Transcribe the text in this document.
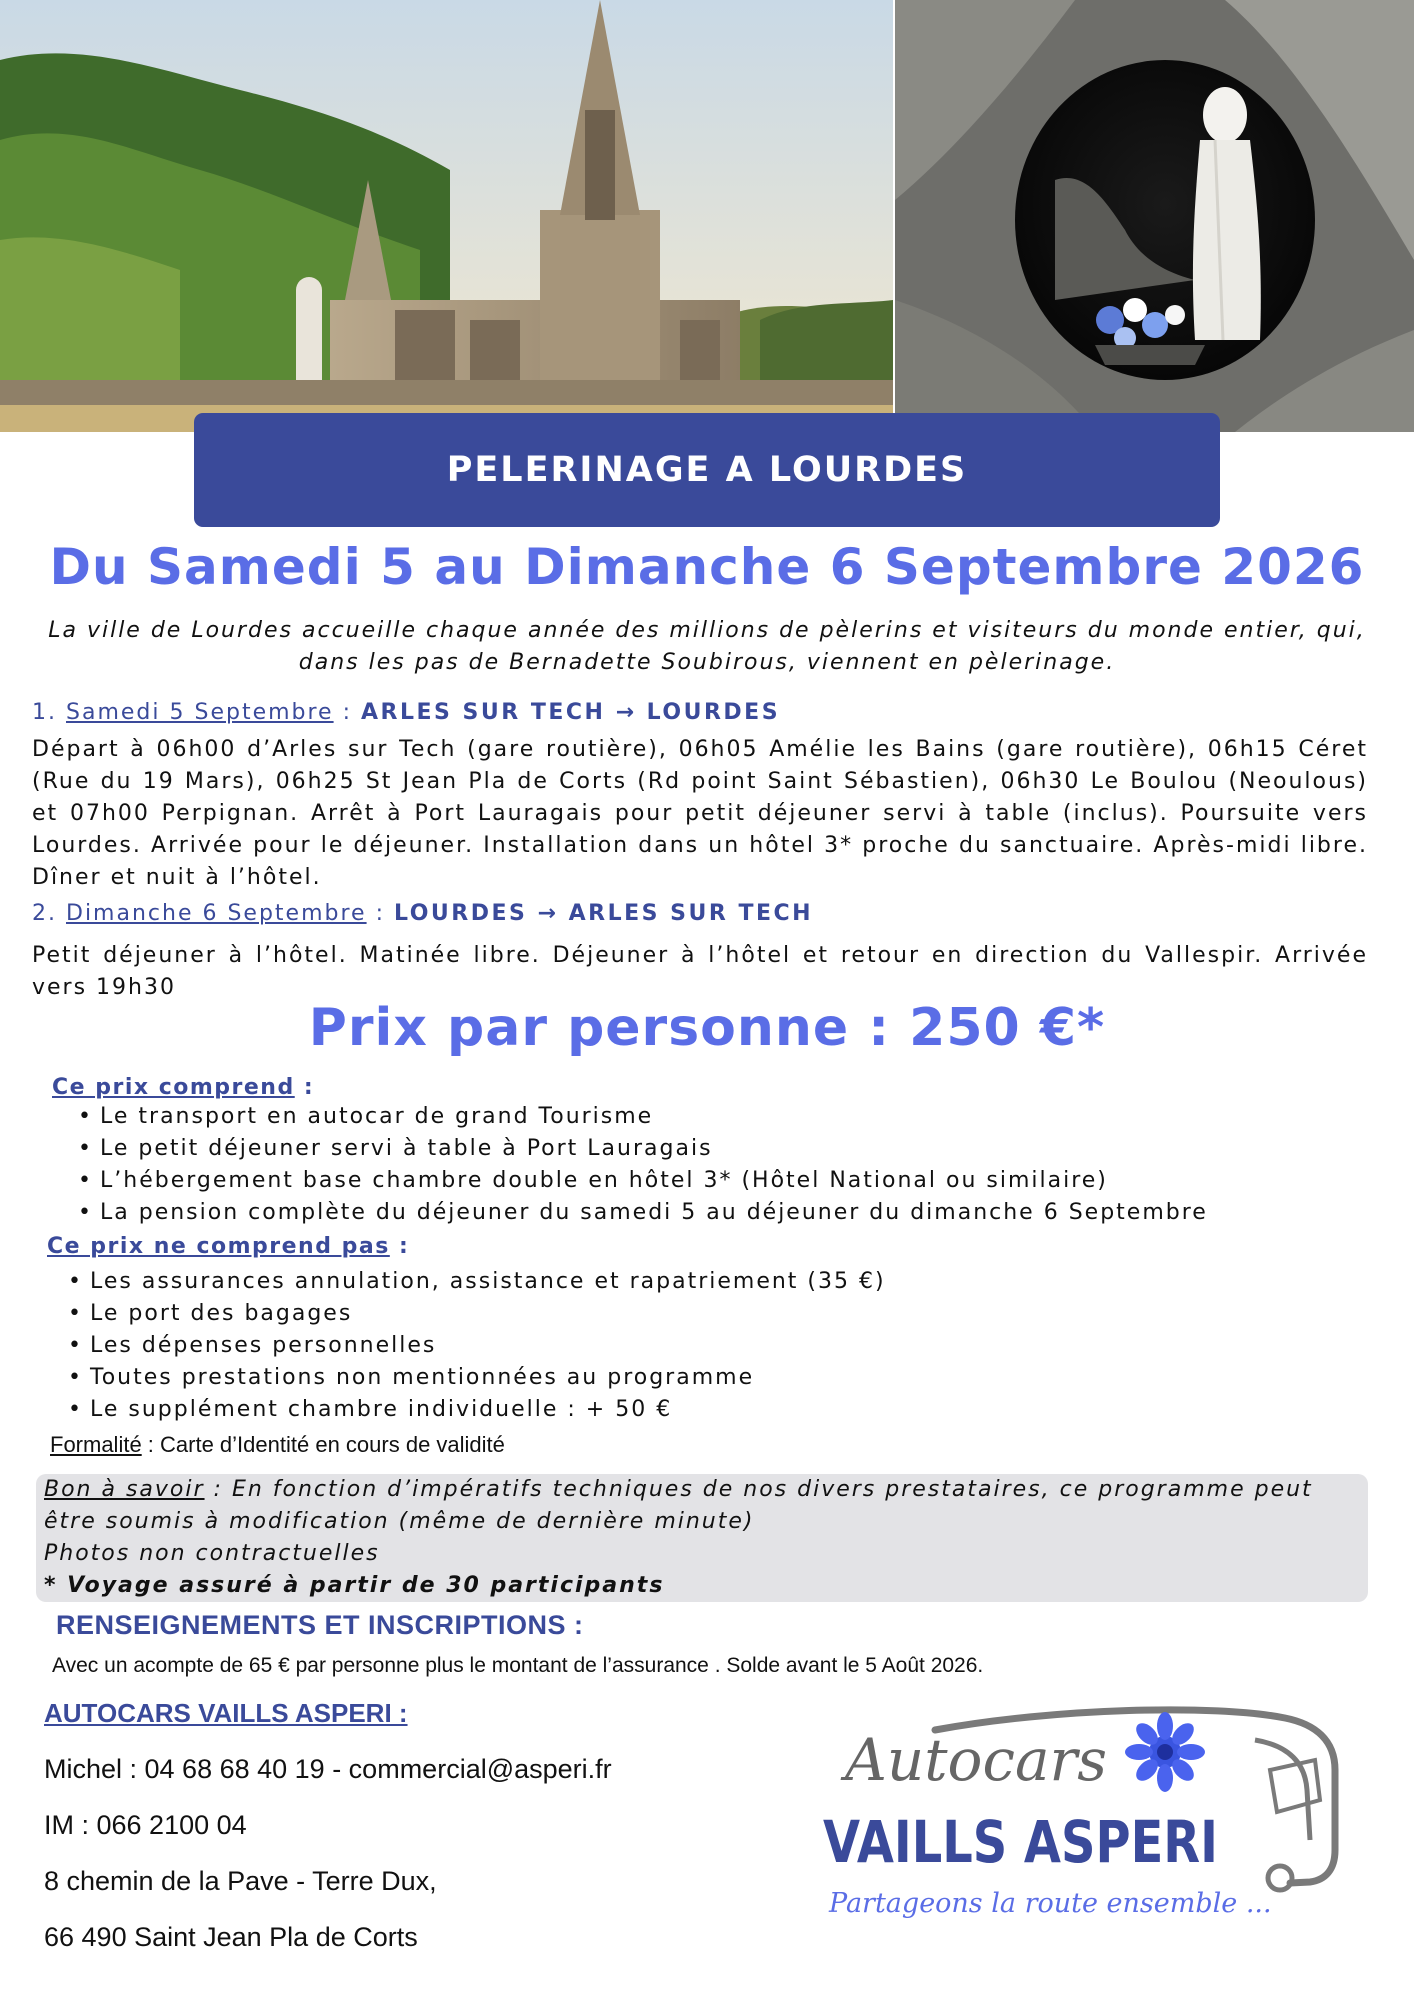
PELERINAGE A LOURDES
Du Samedi 5 au Dimanche 6 Septembre 2026
La ville de Lourdes accueille chaque année des millions de pèlerins et visiteurs du monde entier, qui, dans les pas de Bernadette Soubirous, viennent en pèlerinage.
1. Samedi 5 Septembre : ARLES SUR TECH → LOURDES
Départ à 06h00 d’Arles sur Tech (gare routière), 06h05 Amélie les Bains (gare routière), 06h15 Céret (Rue du 19 Mars), 06h25 St Jean Pla de Corts (Rd point Saint Sébastien), 06h30 Le Boulou (Neoulous) et 07h00 Perpignan. Arrêt à Port Lauragais pour petit déjeuner servi à table (inclus). Poursuite vers Lourdes. Arrivée pour le déjeuner. Installation dans un hôtel 3* proche du sanctuaire. Après-midi libre. Dîner et nuit à l’hôtel.
2. Dimanche 6 Septembre : LOURDES → ARLES SUR TECH
Petit déjeuner à l’hôtel. Matinée libre. Déjeuner à l’hôtel et retour en direction du Vallespir. Arrivée vers 19h30
Prix par personne : 250 €*
Ce prix comprend :
• Le transport en autocar de grand Tourisme
• Le petit déjeuner servi à table à Port Lauragais
• L’hébergement base chambre double en hôtel 3* (Hôtel National ou similaire)
• La pension complète du déjeuner du samedi 5 au déjeuner du dimanche 6 Septembre
Ce prix ne comprend pas :
• Les assurances annulation, assistance et rapatriement (35 €)
• Le port des bagages
• Les dépenses personnelles
• Toutes prestations non mentionnées au programme
• Le supplément chambre individuelle : + 50 €
Formalité : Carte d’Identité en cours de validité
Bon à savoir : En fonction d’impératifs techniques de nos divers prestataires, ce programme peut être soumis à modification (même de dernière minute)
Photos non contractuelles
* Voyage assuré à partir de 30 participants
RENSEIGNEMENTS ET INSCRIPTIONS :
Avec un acompte de 65 € par personne plus le montant de l’assurance . Solde avant le 5 Août 2026.
AUTOCARS VAILLS ASPERI :
Michel : 04 68 68 40 19 - commercial@asperi.fr
IM : 066 2100 04
8 chemin de la Pave - Terre Dux,
66 490 Saint Jean Pla de Corts
Autocars
VAILLS ASPERI
Partageons la route ensemble ...
